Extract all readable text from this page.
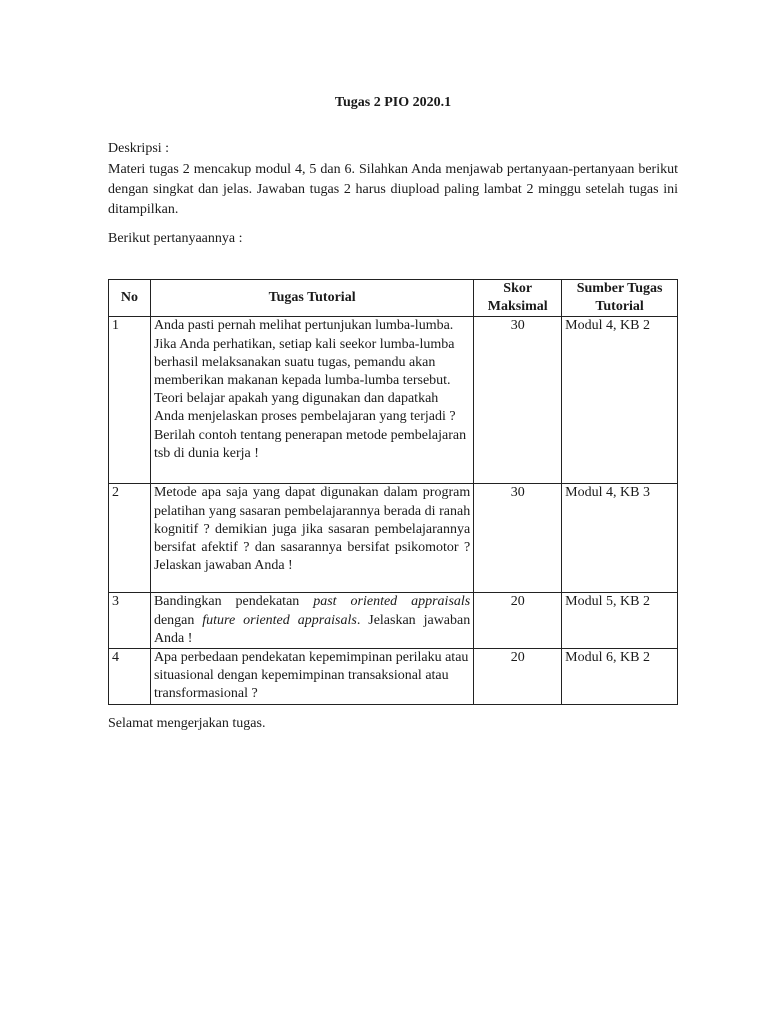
Tugas 2 PIO 2020.1
Deskripsi :
Materi tugas 2 mencakup modul 4, 5 dan 6. Silahkan Anda menjawab pertanyaan-pertanyaan berikut dengan singkat dan jelas. Jawaban tugas 2 harus diupload paling lambat 2 minggu setelah tugas ini ditampilkan.
Berikut pertanyaannya :
No	Tugas Tutorial	Skor Maksimal	Sumber Tugas Tutorial
1	Anda pasti pernah melihat pertunjukan lumba-lumba. Jika Anda perhatikan, setiap kali seekor lumba-lumba berhasil melaksanakan suatu tugas, pemandu akan memberikan makanan kepada lumba-lumba tersebut. Teori belajar apakah yang digunakan dan dapatkah Anda menjelaskan proses pembelajaran yang terjadi ? Berilah contoh tentang penerapan metode pembelajaran tsb di dunia kerja !	30	Modul 4, KB 2
2	Metode apa saja yang dapat digunakan dalam program pelatihan yang sasaran pembelajarannya berada di ranah kognitif ? demikian juga jika sasaran pembelajarannya bersifat afektif ? dan sasarannya bersifat psikomotor ? Jelaskan jawaban Anda !	30	Modul 4, KB 3
3	Bandingkan pendekatan past oriented appraisals dengan future oriented appraisals. Jelaskan jawaban Anda !	20	Modul 5, KB 2
4	Apa perbedaan pendekatan kepemimpinan perilaku atau situasional dengan kepemimpinan transaksional atau transformasional ?	20	Modul 6, KB 2
Selamat mengerjakan tugas.
